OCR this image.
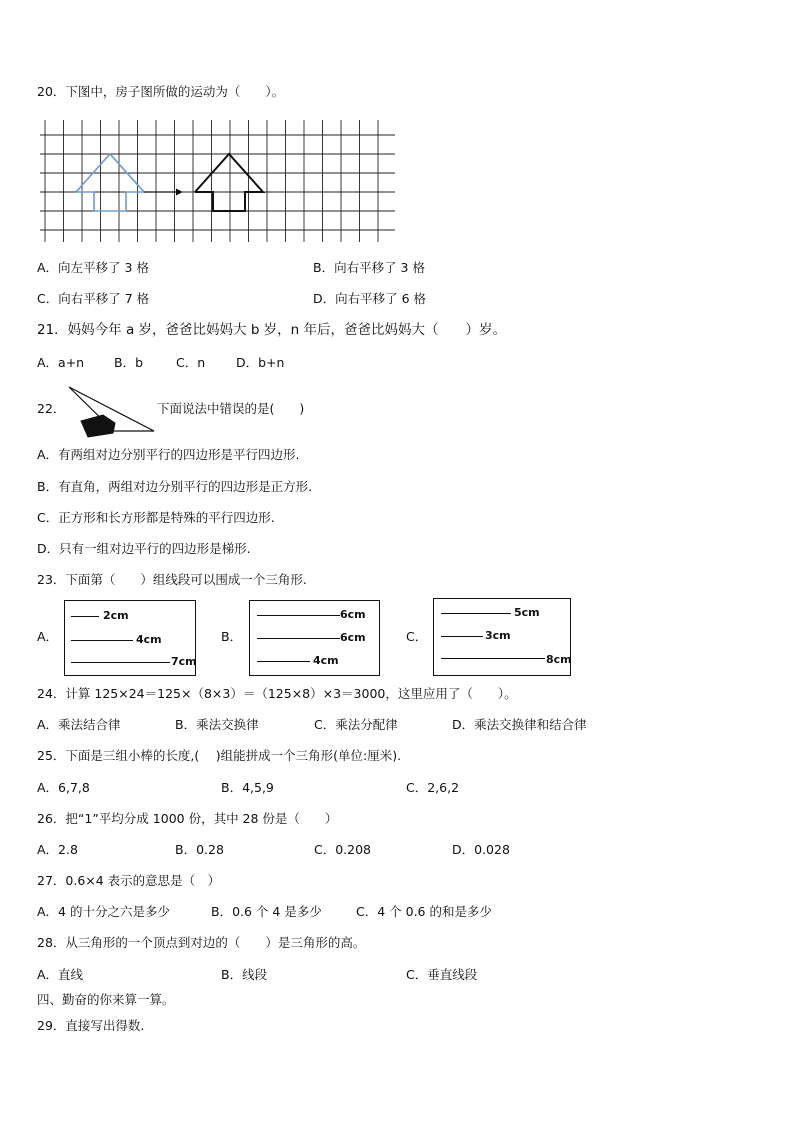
20．下图中，房子图所做的运动为（　　）。
A．向左平移了 3 格	B．向右平移了 3 格
C．向右平移了 7 格	D．向右平移了 6 格
21．妈妈今年 a 岁，爸爸比妈妈大 b 岁，n 年后，爸爸比妈妈大（　　）岁。
A．a+n B．b	C．n D．b+n
22．	下面说法中错误的是(　　)
A．有两组对边分别平行的四边形是平行四边形.
B．有直角，两组对边分别平行的四边形是正方形.
C．正方形和长方形都是特殊的平行四边形.
D．只有一组对边平行的四边形是梯形.
23．下面第（　　）组线段可以围成一个三角形.
A．
2cm
4cm
7cm
B．
6cm
6cm
4cm
C．
5cm
3cm
8cm
24．计算 125×24＝125×（8×3）＝（125×8）×3＝3000，这里应用了（　　）。
A．乘法结合律	B．乘法交换律	C．乘法分配律	D．乘法交换律和结合律
25．下面是三组小棒的长度,(　 )组能拼成一个三角形(单位:厘米).
A．6,7,8	B．4,5,9	C．2,6,2
26．把“1”平均分成 1000 份，其中 28 份是（　　）
A．2.8	B．0.28	C．0.208	D．0.028
27．0.6×4 表示的意思是（　）
A．4 的十分之六是多少	B．0.6 个 4 是多少	C．4 个 0.6 的和是多少
28．从三角形的一个顶点到对边的（　　）是三角形的高。
A．直线	B．线段	C．垂直线段
四、勤奋的你来算一算。
29．直接写出得数.
